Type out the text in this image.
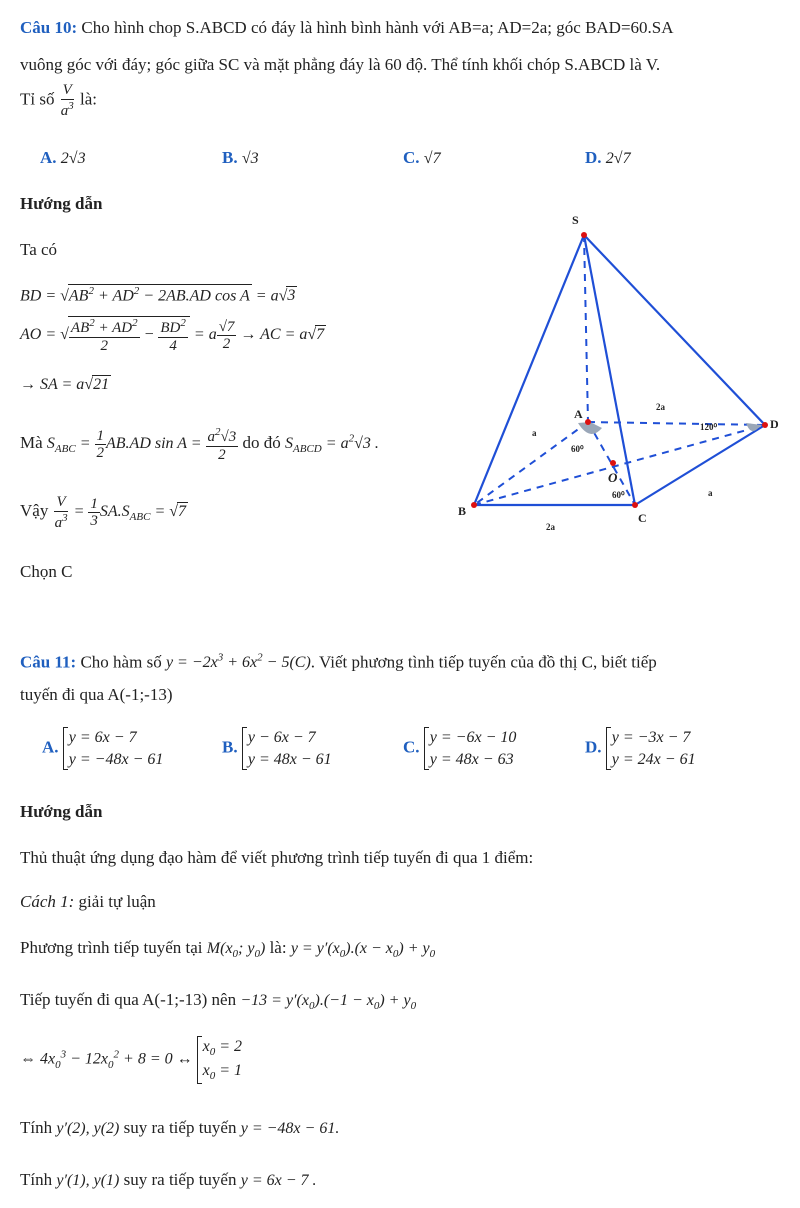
Câu 10: Cho hình chop S.ABCD có đáy là hình bình hành với AB=a; AD=2a; góc BAD=60.SA
vuông góc với đáy; góc giữa SC và mặt phẳng đáy là 60 độ. Thể tính khối chóp S.ABCD là V.
Tỉ số $\frac{V}{a^3}$ là:
A. 2√3	B. √3	C. √7	D. 2√7
Hướng dẫn
Ta có
BD = $√AB^2 + AD^2 - 2AB.AD$ cos A = a√3
AO = √ $\frac{AB^2 + AD^2}{2} - \frac{BD^2}{4} = a \frac{√7}{2}$ → AC = a√7
→ SA = a√21
Mà $S_{ABC} = \frac{1}{2} AB.AD$ $\sin A = \frac{a^2√3}{2}$ do đó $S_{ABCD} = a^2√3$ .
Vậy $\frac{V}{a^3} = \frac{1}{3} SA.S_{ABC} = √7$
Chọn C
S
A
D
B	C
O
a
2a
2a
a
60⁰
60⁰
120⁰
Câu 11: Cho hàm số $y = -2x^3 + 6x^2 - 5(C)$. Viết phương tình tiếp tuyến của đồ thị C, biết tiếp
tuyến đi qua A(-1;-13)
A. y = 6x − 7
y = −48x − 61
B. y − 6x − 7
y = 48x − 61
C. y = −6x − 10
y = 48x − 63
D. y = −3x − 7
y = 24x − 61
Hướng dẫn
Thủ thuật ứng dụng đạo hàm để viết phương trình tiếp tuyến đi qua 1 điểm:
Cách 1: giải tự luận
Phương trình tiếp tuyến tại $M(x_0$; $y_0$) là: $y = y'(x_0).(x - x_0) + y_0$
Tiếp tuyến đi qua A(-1;-13) nên $-13 = y'(x_0).(-1 - x_0) + y_0$
⇔ $4x_0^3 - 12x_0^2 + 8 = 0$ ↔
$x_0 = 2$
$x_0 = 1$
Tính y′(2), y(2) suy ra tiếp tuyến y = −48x − 61.
Tính y′(1), y(1) suy ra tiếp tuyến y = 6x − 7 .
